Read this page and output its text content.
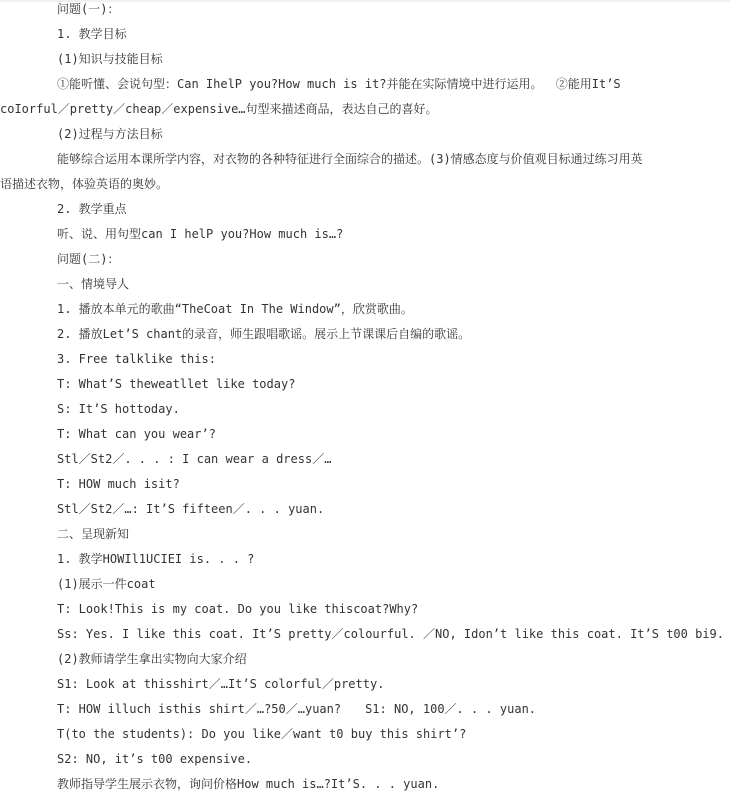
问题(一)：
1. 教学目标
(1)知识与技能目标
①能听懂、会说句型：Can IhelP you?How much is it?并能在实际情境中进行运用。　 ②能用It’S
coIorful／pretty／cheap／expensive…句型来描述商品，表达自己的喜好。
(2)过程与方法目标
能够综合运用本课所学内容，对衣物的各种特征进行全面综合的描述。(3)情感态度与价值观目标通过练习用英
语描述衣物，体验英语的奥妙。
2. 教学重点
听、说、用句型can I helP you?How much is…?
问题(二)：
一、情境导人
1. 播放本单元的歌曲“TheCoat In The Window”，欣赏歌曲。
2. 播放Let’S chant的录音，师生跟唱歌谣。展示上节课课后自编的歌谣。
3. Free talklike this:
T: What’S theweatllet like today?
S: It’S hottoday.
T: What can you wear’?
Stl／St2／. . . : I can wear a dress／…
T: HOW much isit?
Stl／St2／…: It’S fifteen／. . . yuan.
二、呈现新知
1. 教学HOWIl1UCIEI is. . . ?
(1)展示一件coat
T: Look!This is my coat. Do you like thiscoat?Why?
Ss: Yes. I like this coat. It’S pretty／colourful. ／NO, Idon’t like this coat. It’S t00 bi9.
(2)教师请学生拿出实物向大家介绍
S1: Look at thisshirt／…It’S colorful／pretty.
T: HOW illuch isthis shirt／…?50／…yuan?　　S1: NO, 100／. . . yuan.
T(to the students): Do you like／want t0 buy this shirt’?
S2: NO, it’s t00 expensive.
教师指导学生展示衣物，询问价格How much is…?It’S. . . yuan.
